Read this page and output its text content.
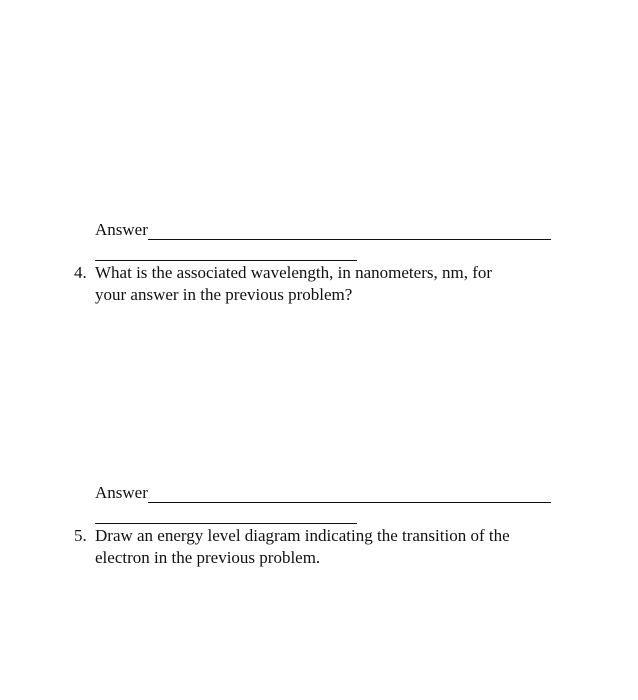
Answer
4. What is the associated wavelength, in nanometers, nm, for
your answer in the previous problem?
Answer
5. Draw an energy level diagram indicating the transition of the
electron in the previous problem.
